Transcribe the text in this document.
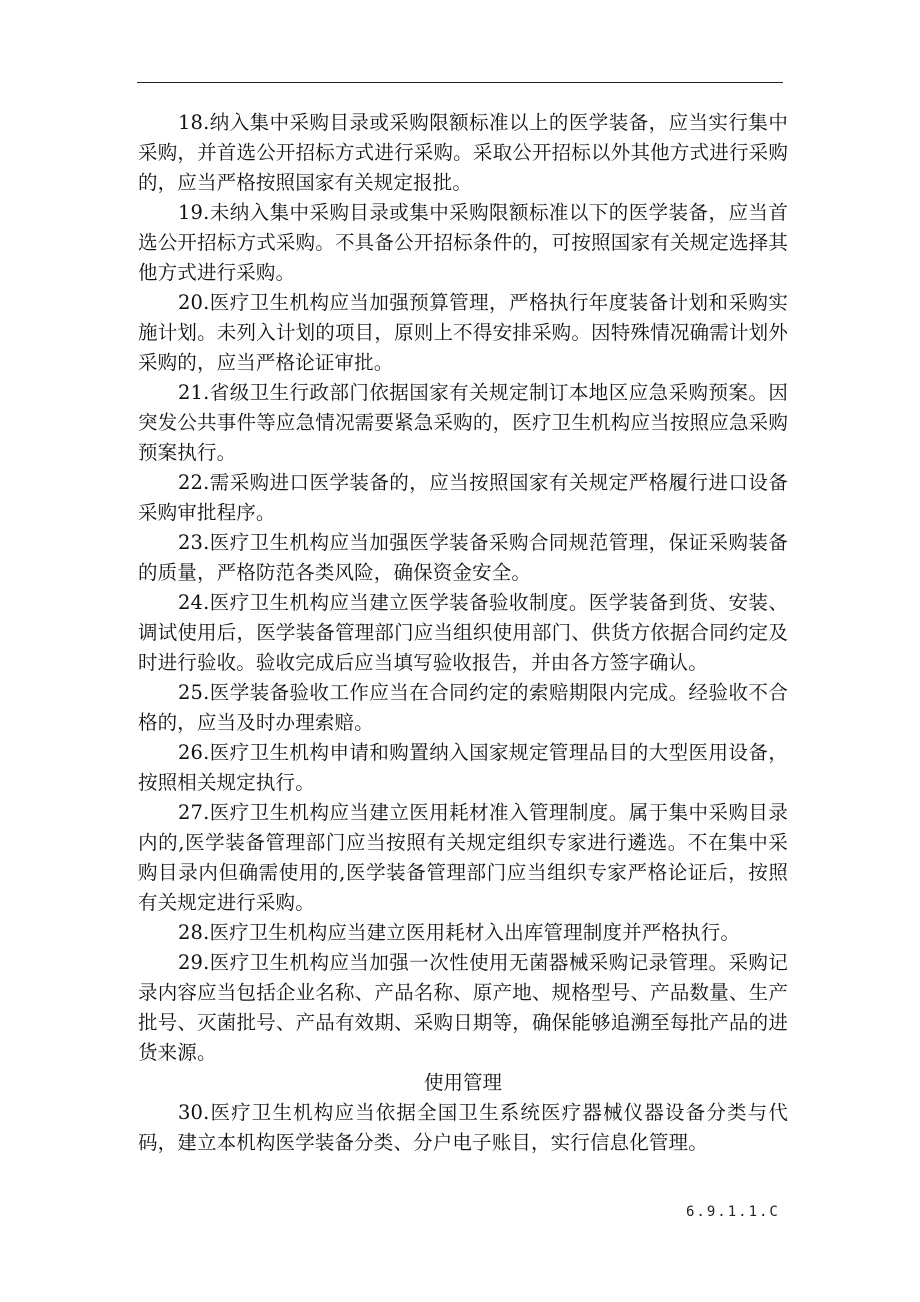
18.纳入集中采购目录或采购限额标准以上的医学装备，应当实行集中采购，并首选公开招标方式进行采购。采取公开招标以外其他方式进行采购的，应当严格按照国家有关规定报批。

19.未纳入集中采购目录或集中采购限额标准以下的医学装备，应当首选公开招标方式采购。不具备公开招标条件的，可按照国家有关规定选择其他方式进行采购。

20.医疗卫生机构应当加强预算管理，严格执行年度装备计划和采购实施计划。未列入计划的项目，原则上不得安排采购。因特殊情况确需计划外采购的，应当严格论证审批。

21.省级卫生行政部门依据国家有关规定制订本地区应急采购预案。因突发公共事件等应急情况需要紧急采购的，医疗卫生机构应当按照应急采购预案执行。

22.需采购进口医学装备的，应当按照国家有关规定严格履行进口设备采购审批程序。

23.医疗卫生机构应当加强医学装备采购合同规范管理，保证采购装备的质量，严格防范各类风险，确保资金安全。

24.医疗卫生机构应当建立医学装备验收制度。医学装备到货、安装、调试使用后，医学装备管理部门应当组织使用部门、供货方依据合同约定及时进行验收。验收完成后应当填写验收报告，并由各方签字确认。

25.医学装备验收工作应当在合同约定的索赔期限内完成。经验收不合格的，应当及时办理索赔。

26.医疗卫生机构申请和购置纳入国家规定管理品目的大型医用设备，按照相关规定执行。

27.医疗卫生机构应当建立医用耗材准入管理制度。属于集中采购目录内的,医学装备管理部门应当按照有关规定组织专家进行遴选。不在集中采购目录内但确需使用的,医学装备管理部门应当组织专家严格论证后，按照有关规定进行采购。

28.医疗卫生机构应当建立医用耗材入出库管理制度并严格执行。

29.医疗卫生机构应当加强一次性使用无菌器械采购记录管理。采购记录内容应当包括企业名称、产品名称、原产地、规格型号、产品数量、生产批号、灭菌批号、产品有效期、采购日期等，确保能够追溯至每批产品的进货来源。

使用管理

30.医疗卫生机构应当依据全国卫生系统医疗器械仪器设备分类与代码，建立本机构医学装备分类、分户电子账目，实行信息化管理。

6.9.1.1.C
